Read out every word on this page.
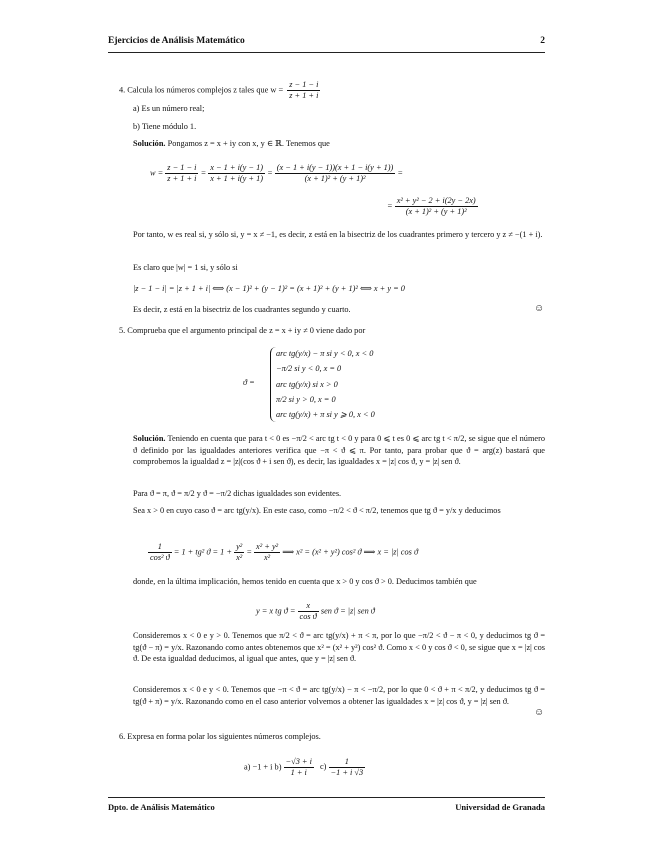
Ejercicios de Análisis Matemático	2
4. Calcula los números complejos z tales que $w = \frac{z - 1 - i}{z + 1 + i}$
a) Es un número real;
b) Tiene módulo 1.
Solución. Pongamos z = x + iy con x, y ∈ ℝ. Tenemos que
$w = \frac{z - 1 - i}{z + 1 + i} = \frac{x - 1 + i(y - 1)}{x + 1 + i(y + 1)} = \frac{(x - 1 + i(y - 1))(x + 1 - i(y + 1))}{\text{(x + 1)² + (y + 1)²}}$ =
= $\frac{\text{x² + y² − 2 + i(2y − 2x)}}{\text{(x + 1)² + (y + 1)²}}$
Por tanto, w es real si, y sólo si, y = x ≠ −1, es decir, z está en la bisectriz de los cuadrantes primero y tercero y z ≠ −(1 + i).
Es claro que |w| = 1 si, y sólo si
|z − 1 − i| = |z + 1 + i| ⟺ (x − 1)² + (y − 1)² = (x + 1)² + (y + 1)² ⟺ x + y = 0
Es decir, z está en la bisectriz de los cuadrantes segundo y cuarto.	☺
5. Comprueba que el argumento principal de z = x + iy ≠ 0 viene dado por
ϑ =
arc tg(y/x) − π si y < 0, x < 0
−π/2 si y < 0, x = 0
arc tg(y/x) si x > 0
π/2 si y > 0, x = 0
arc tg(y/x) + π si y ⩾ 0, x < 0
Solución. Teniendo en cuenta que para t < 0 es −π/2 < arc tg t < 0 y para 0 ⩽ t es 0 ⩽ arc tg t < π/2, se sigue que el número ϑ definido por las igualdades anteriores verifica que −π < ϑ ⩽ π. Por tanto, para probar que ϑ = arg(z) bastará que comprobemos la igualdad z = |z|(cos ϑ + i sen ϑ), es decir, las igualdades x = |z| cos ϑ, y = |z| sen ϑ.
Para ϑ = π, ϑ = π/2 y ϑ = −π/2 dichas igualdades son evidentes.
Sea x > 0 en cuyo caso ϑ = arc tg(y/x). En este caso, como −π/2 < ϑ < π/2, tenemos que tg ϑ = y/x y deducimos
$\frac{1}{\text{cos² ϑ}} = 1 + tg^2$ $ϑ = 1 + \frac{\text{y²}}{\text{x²}} = \frac{\text{x² + y²}}{\text{x²}}$ ⟹ x² = (x² + y²) cos² ϑ ⟹ x = |z| cos ϑ
donde, en la última implicación, hemos tenido en cuenta que x > 0 y cos ϑ > 0. Deducimos también que
y = x tg $ϑ = \frac{x}{\text{cos ϑ}}$ sen ϑ = |z| sen ϑ
Consideremos x < 0 e y > 0. Tenemos que π/2 < ϑ = arc tg(y/x) + π < π, por lo que −π/2 < ϑ − π < 0, y deducimos tg ϑ = tg(ϑ − π) = y/x. Razonando como antes obtenemos que x² = (x² + y²) cos² ϑ. Como x < 0 y cos ϑ < 0, se sigue que x = |z| cos ϑ. De esta igualdad deducimos, al igual que antes, que y = |z| sen ϑ.
Consideremos x < 0 e y < 0. Tenemos que −π < ϑ = arc tg(y/x) − π < −π/2, por lo que 0 < ϑ + π < π/2, y deducimos tg ϑ = tg(ϑ + π) = y/x. Razonando como en el caso anterior volvemos a obtener las igualdades x = |z| cos ϑ, y = |z| sen ϑ.
☺
6. Expresa en forma polar los siguientes números complejos.
a) −1 + i $b) \frac{-√3 + i}{1 + i} c) \frac{1}{-1 + i √3}$
Dpto. de Análisis Matemático	Universidad de Granada
